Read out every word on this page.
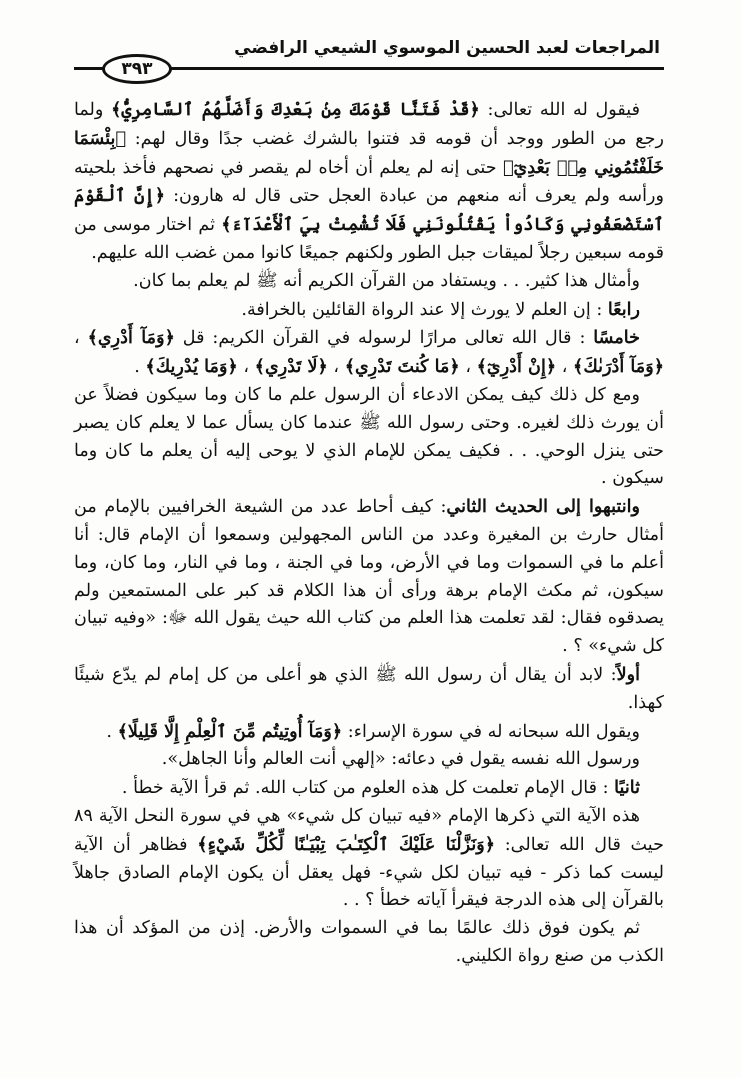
المراجعات لعبد الحسين الموسوي الشيعي الرافضي
٣٩٣

فيقول له الله تعالى: ﴿قَدْ فَتَنَّا قَوْمَكَ مِنۢ بَعْدِكَ وَأَضَلَّهُمُ ٱلسَّامِرِيُّ﴾ ولما رجع من الطور ووجد أن قومه قد فتنوا بالشرك غضب جدًا وقال لهم: ﴿بِئْسَمَا خَلَفْتُمُونِي مِنۢ بَعْدِيٓ﴾ حتى إنه لم يعلم أن أخاه لم يقصر في نصحهم فأخذ بلحيته ورأسه ولم يعرف أنه منعهم من عبادة العجل حتى قال له هارون: ﴿إِنَّ ٱلْقَوْمَ ٱسْتَضْعَفُونِي وَكَادُواْ يَقْتُلُونَنِي فَلَا تُشْمِتْ بِيَ ٱلْأَعْدَآءَ﴾ ثم اختار موسى من قومه سبعين رجلاً لميقات جبل الطور ولكنهم جميعًا كانوا ممن غضب الله عليهم.

وأمثال هذا كثير. . . ويستفاد من القرآن الكريم أنه ﷺ لم يعلم بما كان.

رابعًا : إن العلم لا يورث إلا عند الرواة القائلين بالخرافة.

خامسًا : قال الله تعالى مرارًا لرسوله في القرآن الكريم: قل ﴿وَمَآ أَدْرِي﴾ ، ﴿وَمَآ أَدْرَىٰكَ﴾ ، ﴿إِنْ أَدْرِيٓ﴾ ، ﴿مَا كُنتَ تَدْرِي﴾ ، ﴿لَا تَدْرِي﴾ ، ﴿وَمَا يُدْرِيكَ﴾ .

ومع كل ذلك كيف يمكن الادعاء أن الرسول علم ما كان وما سيكون فضلاً عن أن يورث ذلك لغيره. وحتى رسول الله ﷺ عندما كان يسأل عما لا يعلم كان يصبر حتى ينزل الوحي. . . فكيف يمكن للإمام الذي لا يوحى إليه أن يعلم ما كان وما سيكون .

وانتبهوا إلى الحديث الثاني: كيف أحاط عدد من الشيعة الخرافيين بالإمام من أمثال حارث بن المغيرة وعدد من الناس المجهولين وسمعوا أن الإمام قال: أنا أعلم ما في السموات وما في الأرض، وما في الجنة ، وما في النار، وما كان، وما سيكون، ثم مكث الإمام برهة ورأى أن هذا الكلام قد كبر على المستمعين ولم يصدقوه فقال: لقد تعلمت هذا العلم من كتاب الله حيث يقول الله ﷻ: «وفيه تبيان كل شيء» ؟ .

أولاً: لابد أن يقال أن رسول الله ﷺ الذي هو أعلى من كل إمام لم يدّع شيئًا كهذا.

ويقول الله سبحانه له في سورة الإسراء: ﴿وَمَآ أُوتِيتُم مِّنَ ٱلْعِلْمِ إِلَّا قَلِيلًا﴾ .

ورسول الله نفسه يقول في دعائه: «إلهي أنت العالم وأنا الجاهل».

ثانيًا : قال الإمام تعلمت كل هذه العلوم من كتاب الله. ثم قرأ الآية خطأ .

هذه الآية التي ذكرها الإمام «فيه تبيان كل شيء» هي في سورة النحل الآية ٨٩ حيث قال الله تعالى: ﴿وَنَزَّلْنَا عَلَيْكَ ٱلْكِتَـٰبَ تِبْيَـٰنًا لِّكُلِّ شَيْءٍ﴾ فظاهر أن الآية ليست كما ذكر - فيه تبيان لكل شيء- فهل يعقل أن يكون الإمام الصادق جاهلاً بالقرآن إلى هذه الدرجة فيقرأ آياته خطأ ؟ . .

ثم يكون فوق ذلك عالمًا بما في السموات والأرض. إذن من المؤكد أن هذا الكذب من صنع رواة الكليني.
